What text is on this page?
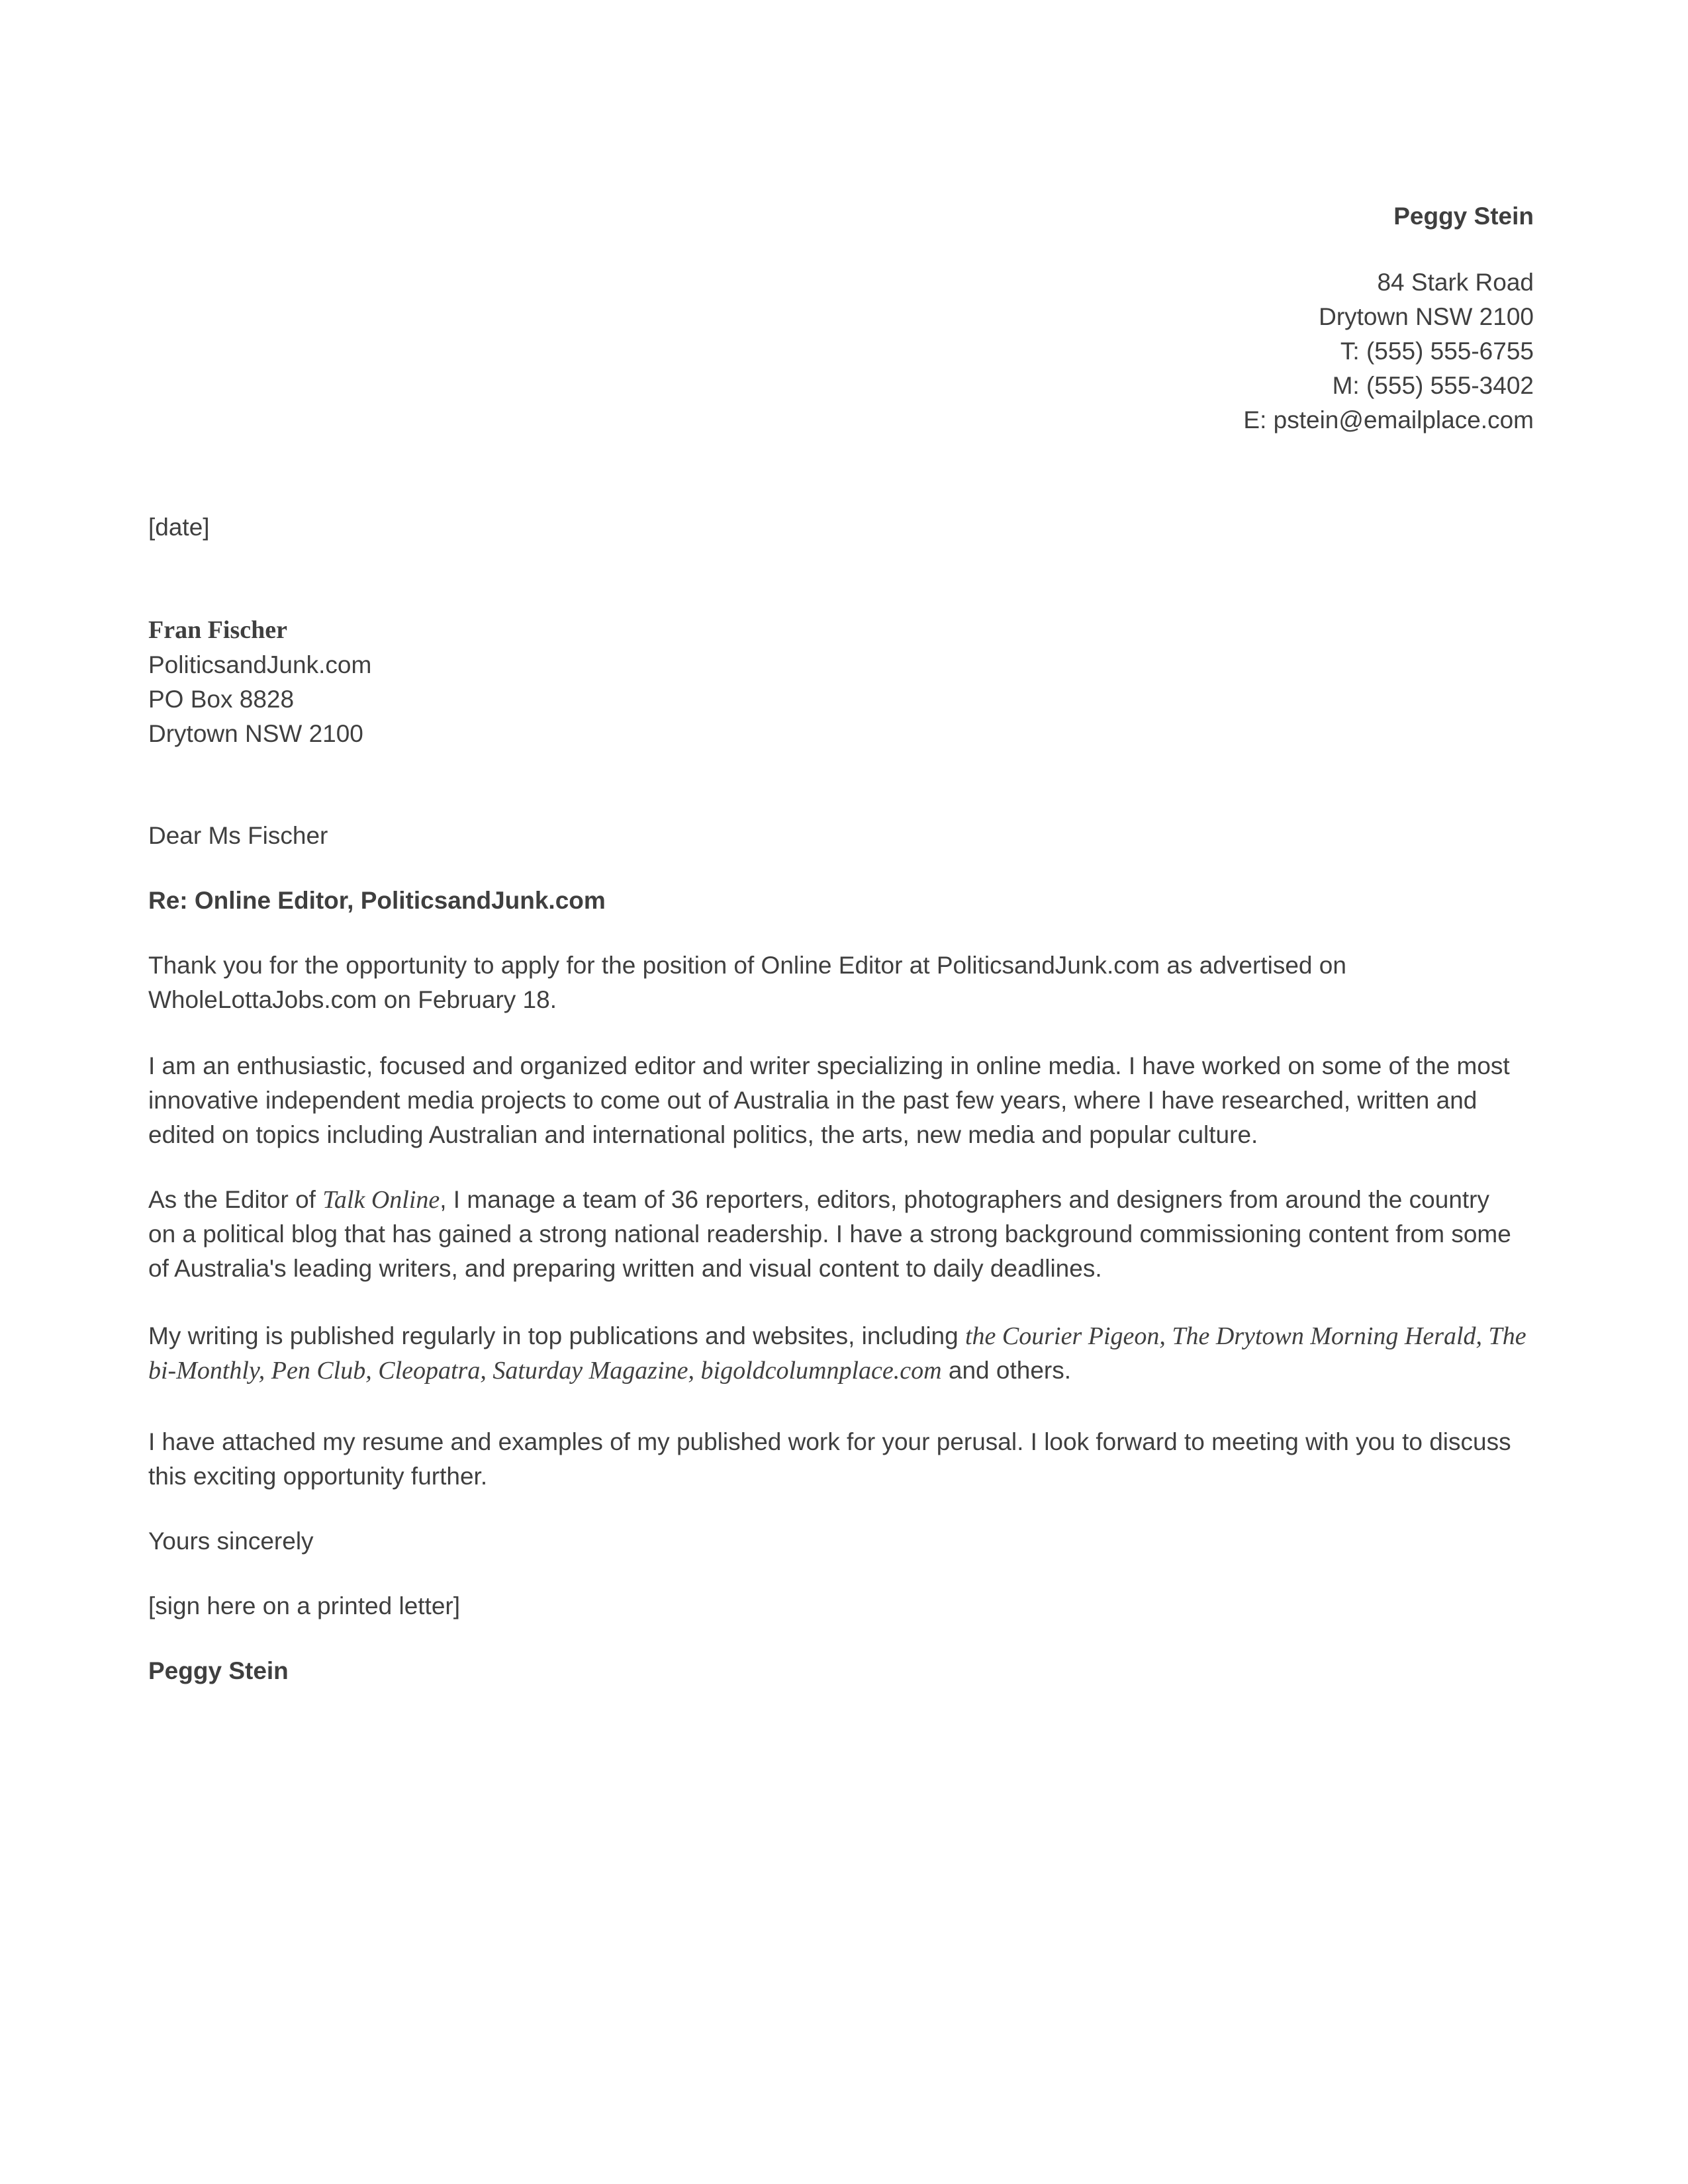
Peggy Stein
84 Stark Road
Drytown NSW 2100
T: (555) 555-6755
M: (555) 555-3402
E: pstein@emailplace.com
[date]
Fran Fischer
PoliticsandJunk.com
PO Box 8828
Drytown NSW 2100
Dear Ms Fischer
Re: Online Editor, PoliticsandJunk.com
Thank you for the opportunity to apply for the position of Online Editor at PoliticsandJunk.com as advertised on
WholeLottaJobs.com on February 18.
I am an enthusiastic, focused and organized editor and writer specializing in online media. I have worked on some of the most
innovative independent media projects to come out of Australia in the past few years, where I have researched, written and
edited on topics including Australian and international politics, the arts, new media and popular culture.
As the Editor of Talk Online, I manage a team of 36 reporters, editors, photographers and designers from around the country
on a political blog that has gained a strong national readership. I have a strong background commissioning content from some
of Australia's leading writers, and preparing written and visual content to daily deadlines.
My writing is published regularly in top publications and websites, including the Courier Pigeon, The Drytown Morning Herald, The
bi-Monthly, Pen Club, Cleopatra, Saturday Magazine, bigoldcolumnplace.com and others.
I have attached my resume and examples of my published work for your perusal. I look forward to meeting with you to discuss
this exciting opportunity further.
Yours sincerely
[sign here on a printed letter]
Peggy Stein
